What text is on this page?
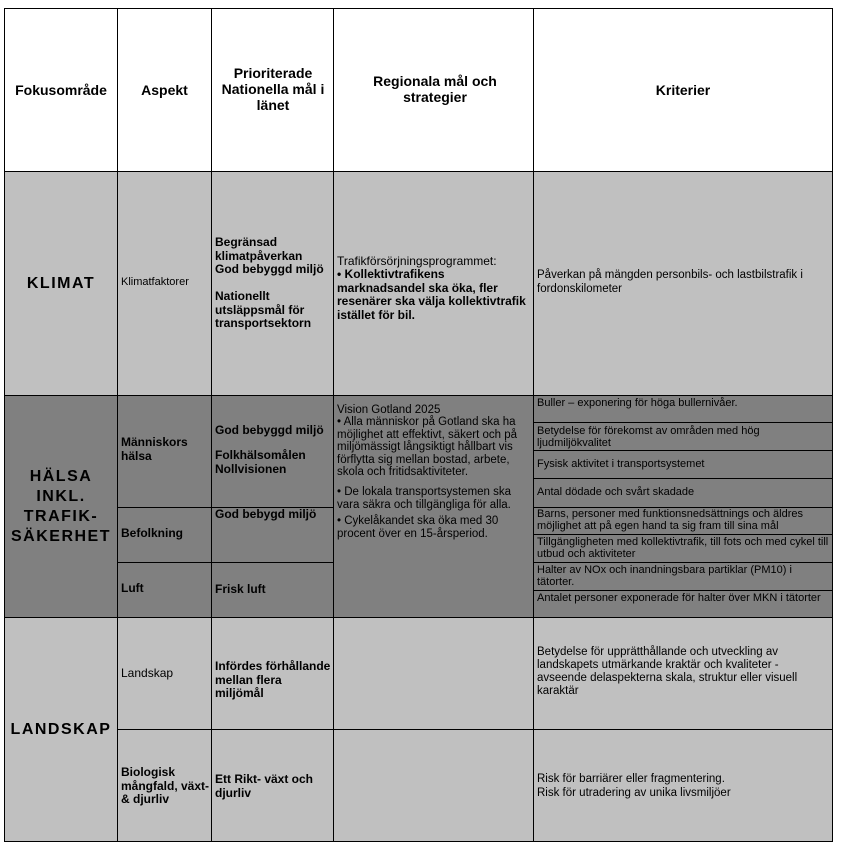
Fokusområde Aspekt
Prioriterade Nationella mål i länet
Regionala mål och strategier	Kriterier
KLIMAT Klimatfaktorer
Begränsad klimatpåverkan
God bebyggd miljö
Nationellt utsläppsmål för transportsektorn
Trafikförsörjningsprogrammet:
• Kollektivtrafikens marknadsandel ska öka, fler resenärer ska välja kollektivtrafik istället för bil.
Påverkan på mängden personbils- och lastbilstrafik i fordonskilometer
HÄLSA INKL. TRAFIK-SÄKERHET
Människors hälsa
Befolkning
Luft
God bebyggd miljö
Folkhälsomålen
Nollvisionen
God bebygd miljö
Frisk luft
Vision Gotland 2025
• Alla människor på Gotland ska ha möjlighet att effektivt, säkert och på miljömässigt långsiktigt hållbart vis förflytta sig mellan bostad, arbete, skola och fritidsaktiviteter.
• De lokala transportsystemen ska vara säkra och tillgängliga för alla.
• Cykelåkandet ska öka med 30 procent över en 15-årsperiod.
Buller – exponering för höga bullernivåer.
Betydelse för förekomst av områden med hög ljudmiljökvalitet
Fysisk aktivitet i transportsystemet
Antal dödade och svårt skadade
Barns, personer med funktionsnedsättnings och äldres möjlighet att på egen hand ta sig fram till sina mål
Tillgängligheten med kollektivtrafik, till fots och med cykel till utbud och aktiviteter
Halter av NOx och inandningsbara partiklar (PM10) i tätorter.
Antalet personer exponerade för halter över MKN i tätorter
LANDSKAP
Landskap
Biologisk mångfald, växt- & djurliv
Infördes förhållande mellan flera miljömål
Ett Rikt- växt och djurliv
Betydelse för upprätthållande och utveckling av landskapets utmärkande kraktär och kvaliteter - avseende delaspekterna skala, struktur eller visuell karaktär
Risk för barriärer eller fragmentering.
Risk för utradering av unika livsmiljöer
